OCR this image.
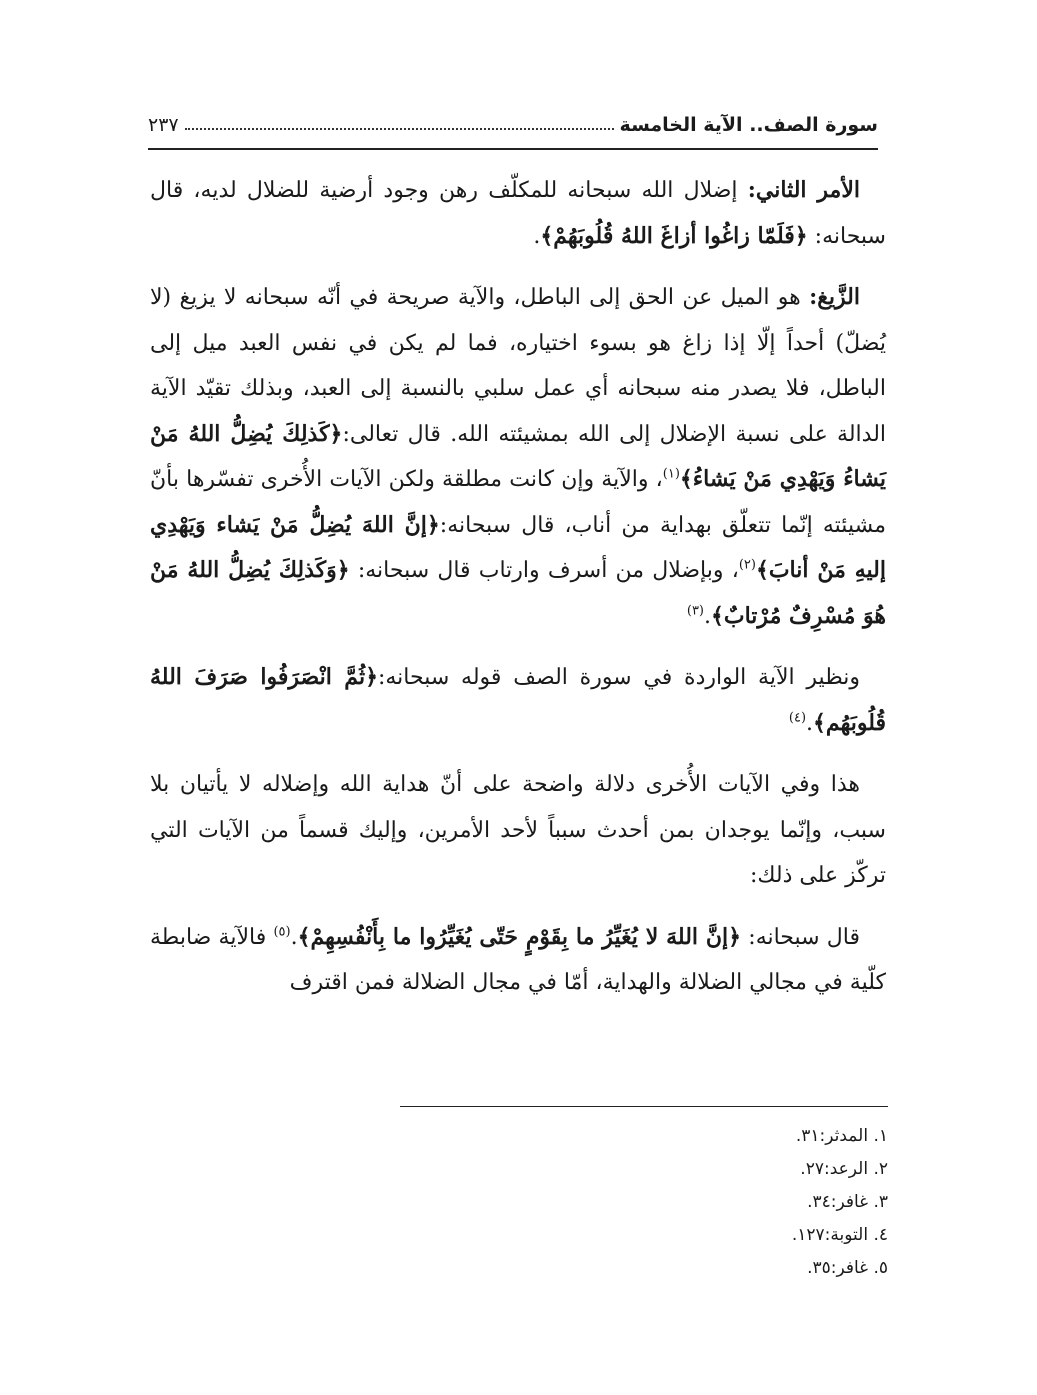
سورة الصف.. الآية الخامسة
٢٣٧

الأمر الثاني: إضلال الله سبحانه للمكلّف رهن وجود أرضية للضلال لديه، قال سبحانه: ﴿فَلَمّا زاغُوا أزاغَ اللهُ قُلُوبَهُمْ﴾.

الزَّيغ: هو الميل عن الحق إلى الباطل، والآية صريحة في أنّه سبحانه لا يزيغ (لا يُضلّ) أحداً إلّا إذا زاغ هو بسوء اختياره، فما لم يكن في نفس العبد ميل إلى الباطل، فلا يصدر منه سبحانه أي عمل سلبي بالنسبة إلى العبد، وبذلك تقيّد الآية الدالة على نسبة الإضلال إلى الله بمشيئته الله. قال تعالى:﴿كَذلِكَ يُضِلُّ اللهُ مَنْ يَشاءُ وَيَهْدِي مَنْ يَشاءُ﴾$^{(١)}$، والآية وإن كانت مطلقة ولكن الآيات الأُخرى تفسّرها بأنّ مشيئته إنّما تتعلّق بهداية من أناب، قال سبحانه:﴿إنَّ اللهَ يُضِلُّ مَنْ يَشاء وَيَهْدِي إليهِ مَنْ أنابَ﴾$^{(٢)}$، وبإضلال من أسرف وارتاب قال سبحانه: ﴿وَكَذلِكَ يُضِلُّ اللهُ مَنْ هُوَ مُسْرِفٌ مُرْتابٌ﴾.$^{(٣)}$

ونظير الآية الواردة في سورة الصف قوله سبحانه:﴿ثُمَّ انْصَرَفُوا صَرَفَ اللهُ قُلُوبَهُم﴾.$^{(٤)}$

هذا وفي الآيات الأُخرى دلالة واضحة على أنّ هداية الله وإضلاله لا يأتيان بلا سبب، وإنّما يوجدان بمن أحدث سبباً لأحد الأمرين، وإليك قسماً من الآيات التي تركّز على ذلك:

قال سبحانه: ﴿إنَّ اللهَ لا يُغَيِّرُ ما بِقَوْمٍ حَتّى يُغَيِّرُوا ما بِأَنْفُسِهِمْ﴾.$^{(٥)}$ فالآية ضابطة كلّية في مجالي الضلالة والهداية، أمّا في مجال الضلالة فمن اقترف

١. المدثر:٣١.
٢. الرعد:٢٧.
٣. غافر:٣٤.
٤. التوبة:١٢٧.
٥. غافر:٣٥.
